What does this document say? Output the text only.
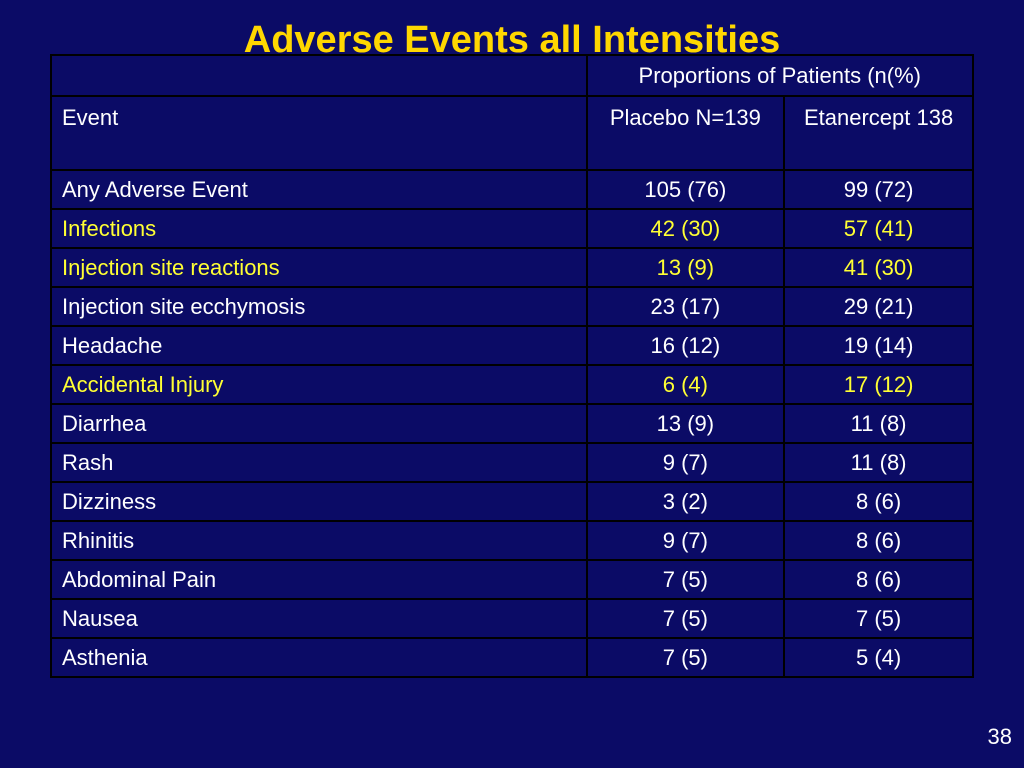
Adverse Events all Intensities
	Proportions of Patients (n(%)	
Event	Placebo N=139	Etanercept 138
Any Adverse Event	105 (76)	99 (72)
Infections	42 (30)	57 (41)
Injection site reactions	13 (9)	41 (30)
Injection site ecchymosis	23 (17)	29 (21)
Headache	16 (12)	19 (14)
Accidental Injury	6 (4)	17 (12)
Diarrhea	13 (9)	11 (8)
Rash	9 (7)	11 (8)
Dizziness	3 (2)	8 (6)
Rhinitis	9 (7)	8 (6)
Abdominal Pain	7 (5)	8 (6)
Nausea	7 (5)	7 (5)
Asthenia	7 (5)	5 (4)
38
